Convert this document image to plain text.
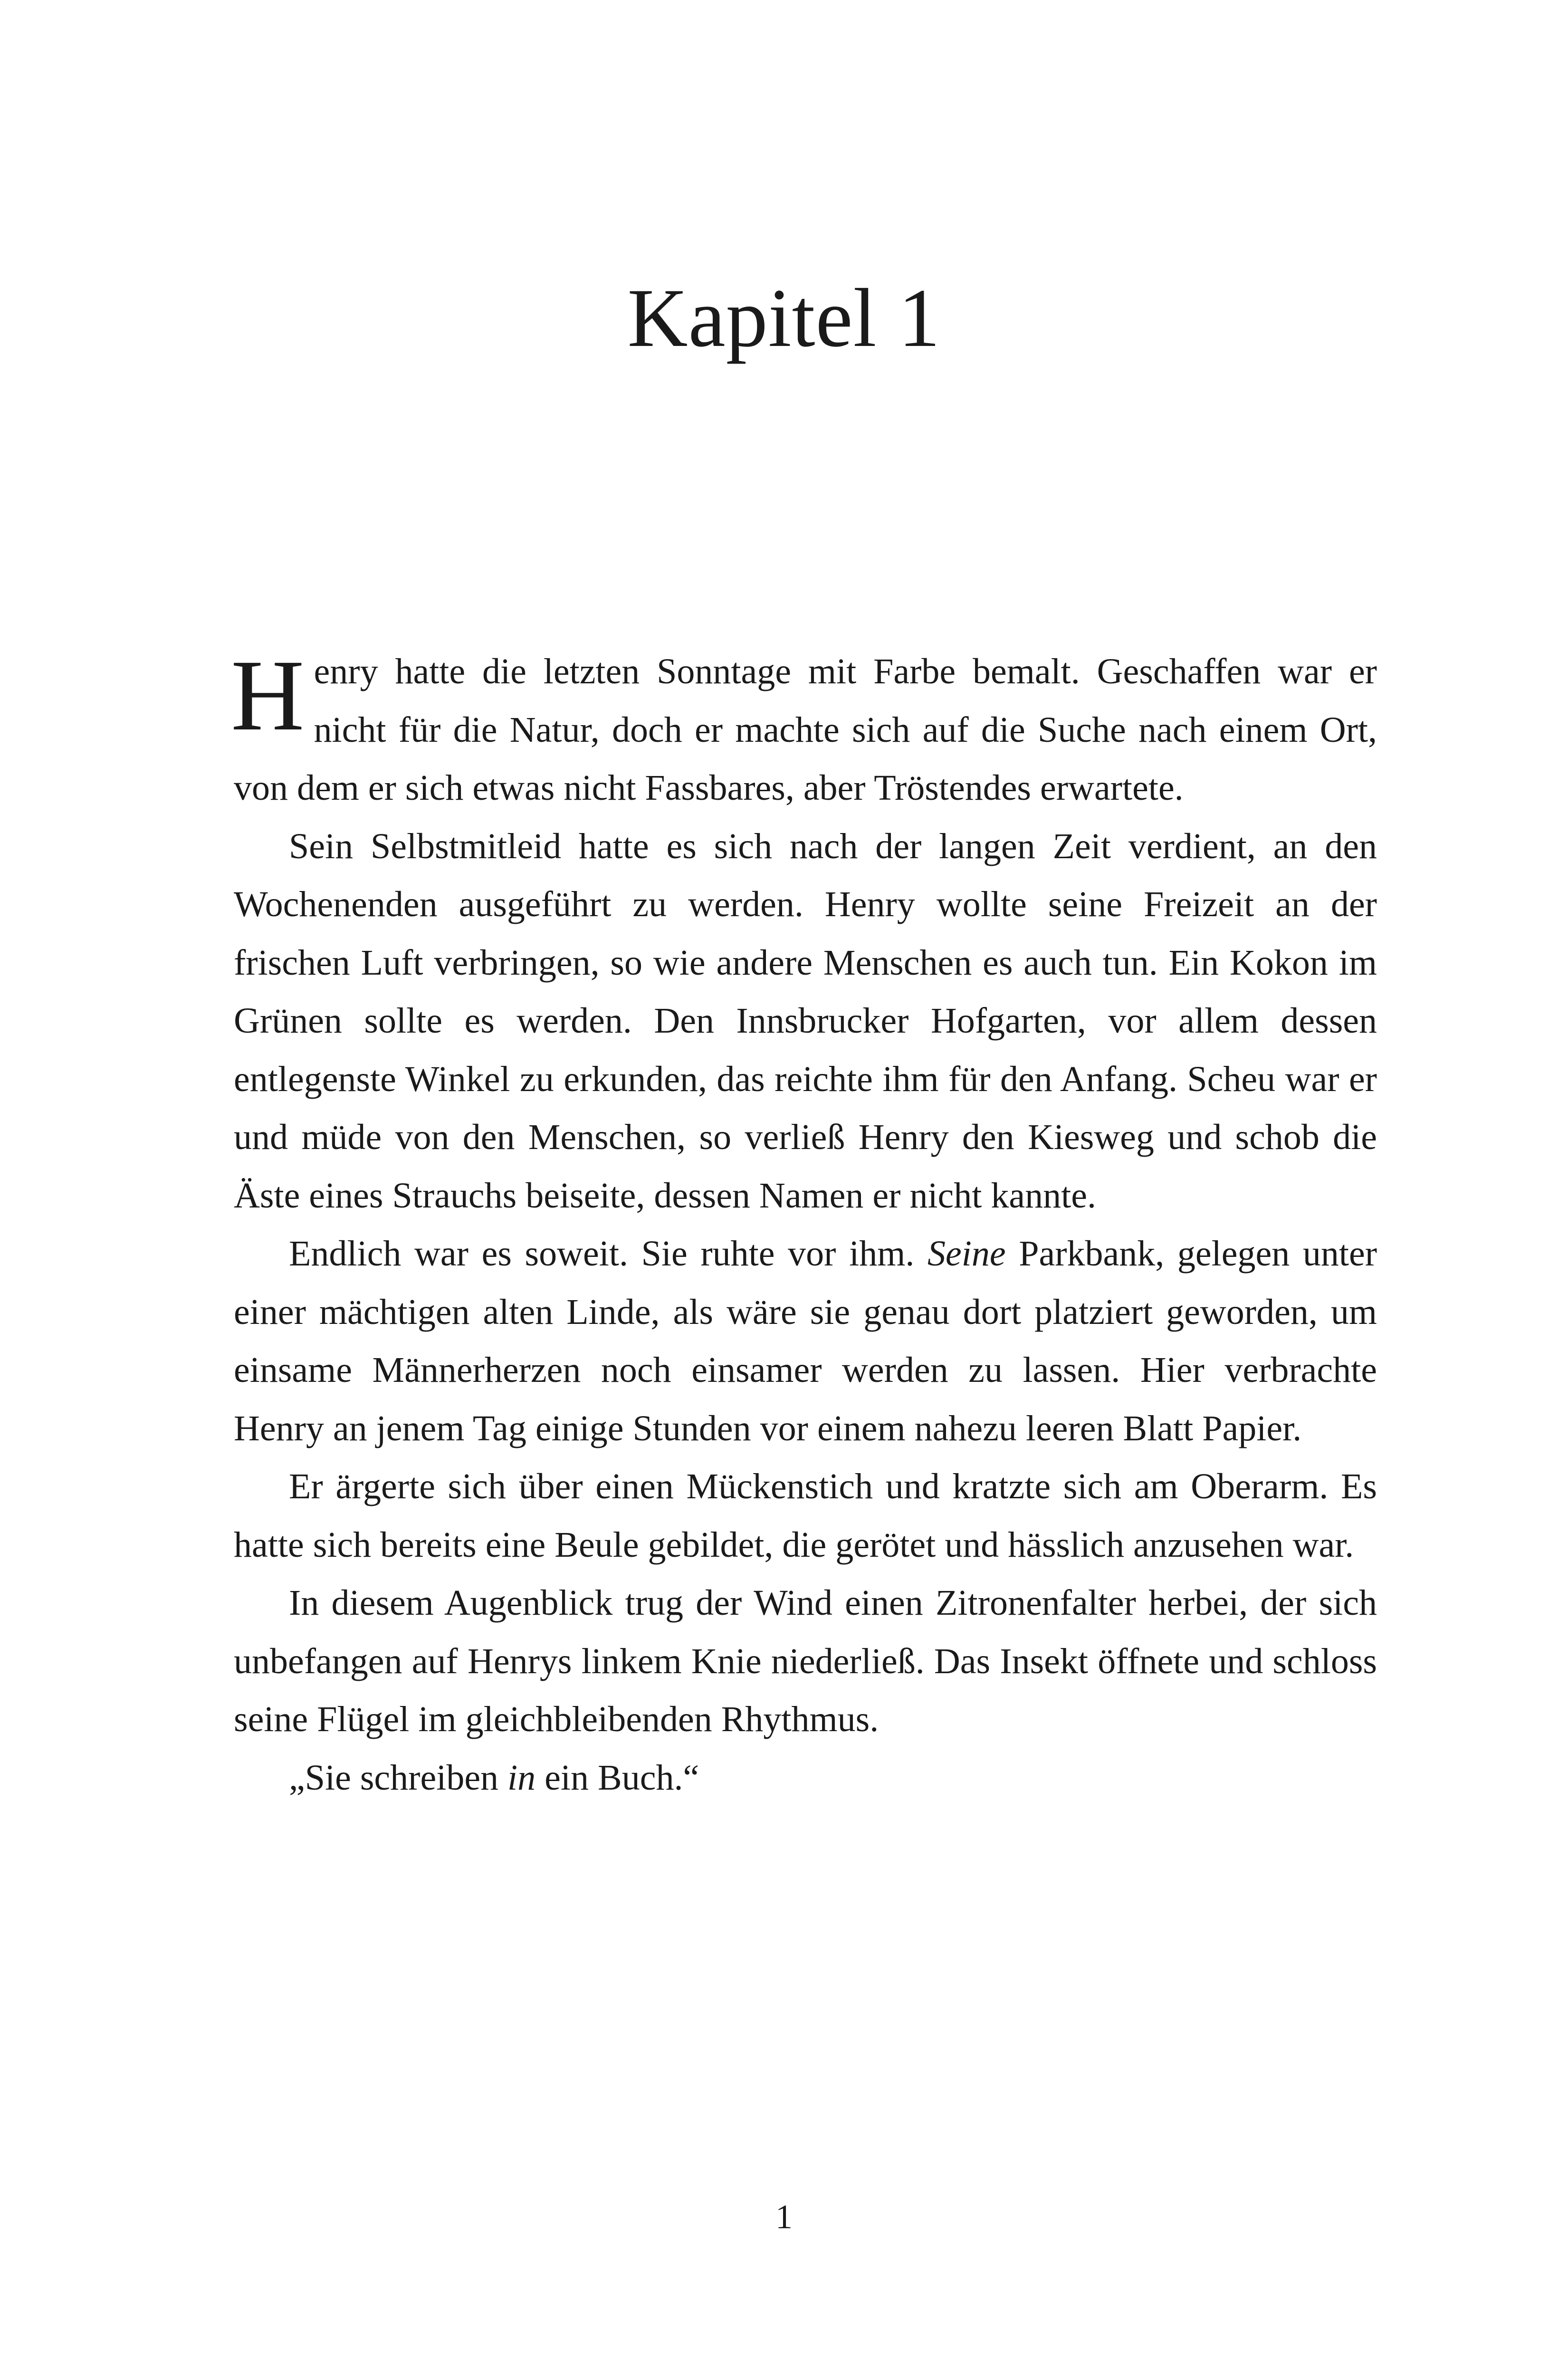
Kapitel 1

Henry hatte die letzten Sonntage mit Farbe bemalt. Geschaffen war er nicht für die Natur, doch er machte sich auf die Suche nach einem Ort, von dem er sich etwas nicht Fassbares, aber Tröstendes erwartete.

Sein Selbstmitleid hatte es sich nach der langen Zeit verdient, an den Wochenenden ausgeführt zu werden. Henry wollte seine Freizeit an der frischen Luft verbringen, so wie andere Menschen es auch tun. Ein Kokon im Grünen sollte es werden. Den Innsbrucker Hofgarten, vor allem dessen entlegenste Winkel zu erkunden, das reichte ihm für den Anfang. Scheu war er und müde von den Menschen, so verließ Henry den Kiesweg und schob die Äste eines Strauchs beiseite, dessen Namen er nicht kannte.

Endlich war es soweit. Sie ruhte vor ihm. Seine Parkbank, gelegen unter einer mächtigen alten Linde, als wäre sie genau dort platziert geworden, um einsame Männerherzen noch einsamer werden zu lassen. Hier verbrachte Henry an jenem Tag einige Stunden vor einem nahezu leeren Blatt Papier.

Er ärgerte sich über einen Mückenstich und kratzte sich am Oberarm. Es hatte sich bereits eine Beule gebildet, die gerötet und hässlich anzusehen war.

In diesem Augenblick trug der Wind einen Zitronenfalter herbei, der sich unbefangen auf Henrys linkem Knie niederließ. Das Insekt öffnete und schloss seine Flügel im gleichbleibenden Rhythmus.

„Sie schreiben in ein Buch.“

1
